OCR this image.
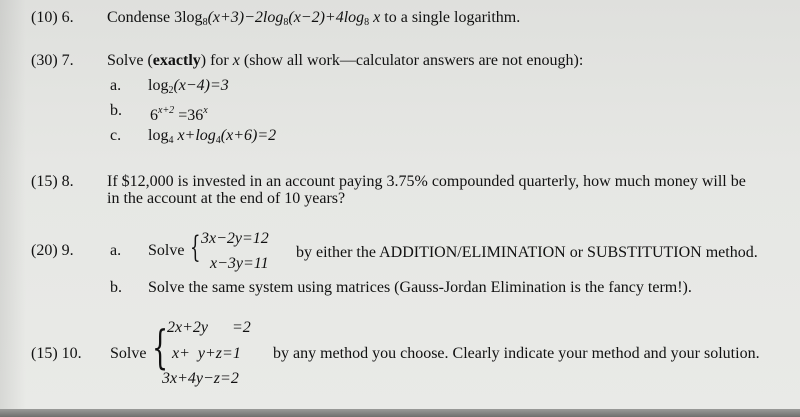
(10) 6. Condense $3\log_8(x+3)-2\log_8(x-2)+4\log_8$ x to a single logarithm.
(30) 7. Solve (exactly) for x (show all work—calculator answers are not enough):
a. $\log_2(x-4)=3$
b. $6^{x+2} =36^x$
c. $\log_4 x+\log_4(x+6)=2$
(15) 8. If $12,000 is invested in an account paying 3.75% compounded quarterly, how much money will be
in the account at the end of 10 years?
(20) 9. a. Solve { 3x−2y=12
x−3y=11
by either the ADDITION/ELIMINATION or SUBSTITUTION method.
b. Solve the same system using matrices (Gauss-Jordan Elimination is the fancy term!).
(15) 10. Solve {
2x+2y =2
x+  y+z=1
3x+4y−z=2
by any method you choose. Clearly indicate your method and your solution.
